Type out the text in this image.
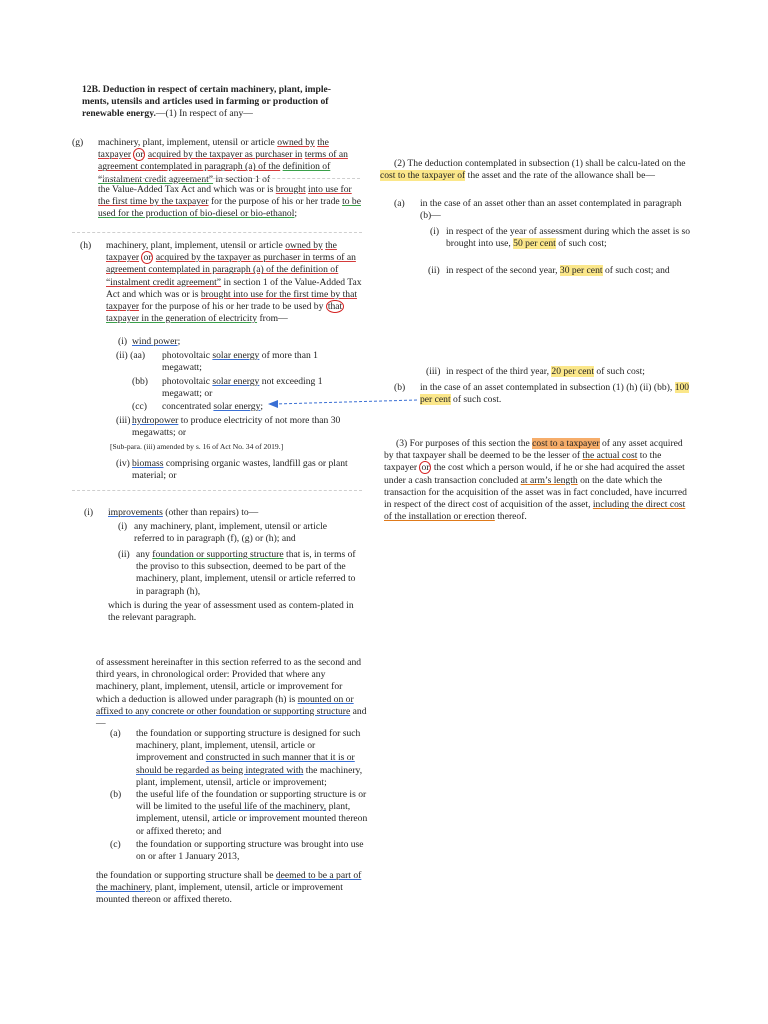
12B. Deduction in respect of certain machinery, plant, imple-ments, utensils and articles used in farming or production of renewable energy.—(1) In respect of any—
(g)	machinery, plant, implement, utensil or article owned by the taxpayer or acquired by the taxpayer as purchaser in terms of an agreement contemplated in paragraph (a) of the definition of “instalment credit agreement” in section 1 of
the Value-Added Tax Act and which was or is brought into use for the first time by the taxpayer for the purpose of his or her trade to be used for the production of bio-diesel or bio-ethanol;
(h)	machinery, plant, implement, utensil or article owned by the taxpayer or acquired by the taxpayer as purchaser in terms of an agreement contemplated in paragraph (a) of the definition of “instalment credit agreement” in section 1 of the Value-Added Tax Act and which was or is brought into use for the first time by that taxpayer for the purpose of his or her trade to be used by that taxpayer in the generation of electricity from—
(i) wind power;
(ii) (aa)	photovoltaic solar energy of more than 1 megawatt;
(bb)	photovoltaic solar energy not exceeding 1 megawatt; or
(cc)	concentrated solar energy;
(iii) hydropower to produce electricity of not more than 30 megawatts; or
[Sub-para. (iii) amended by s. 16 of Act No. 34 of 2019.]
(iv) biomass comprising organic wastes, landfill gas or plant material; or
(i)	improvements (other than repairs) to—
(i) any machinery, plant, implement, utensil or article referred to in paragraph (f), (g) or (h); and
(ii) any foundation or supporting structure that is, in terms of the proviso to this subsection, deemed to be part of the machinery, plant, implement, utensil or article referred to in paragraph (h),
which is during the year of assessment used as contem-plated in the relevant paragraph.
of assessment hereinafter in this section referred to as the second and third years, in chronological order: Provided that where any machinery, plant, implement, utensil, article or improvement for which a deduction is allowed under paragraph (h) is mounted on or affixed to any concrete or other foundation or supporting structure and—
(a)	the foundation or supporting structure is designed for such machinery, plant, implement, utensil, article or improvement and constructed in such manner that it is or should be regarded as being integrated with the machinery, plant, implement, utensil, article or improvement;
(b)	the useful life of the foundation or supporting structure is or will be limited to the useful life of the machinery, plant, implement, utensil, article or improvement mounted thereon or affixed thereto; and
(c)	the foundation or supporting structure was brought into use on or after 1 January 2013,
the foundation or supporting structure shall be deemed to be a part of the machinery, plant, implement, utensil, article or improvement mounted thereon or affixed thereto.
(2) The deduction contemplated in subsection (1) shall be calcu-lated on the cost to the taxpayer of the asset and the rate of the allowance shall be—
(a)	in the case of an asset other than an asset contemplated in paragraph (b)—
(i) in respect of the year of assessment during which the asset is so brought into use, 50 per cent of such cost;
(ii) in respect of the second year, 30 per cent of such cost; and
(iii) in respect of the third year, 20 per cent of such cost;
(b)	in the case of an asset contemplated in subsection (1) (h) (ii) (bb), 100 per cent of such cost.
(3) For purposes of this section the cost to a taxpayer of any asset acquired by that taxpayer shall be deemed to be the lesser of the actual cost to the taxpayer or the cost which a person would, if he or she had acquired the asset under a cash transaction concluded at arm’s length on the date which the transaction for the acquisition of the asset was in fact concluded, have incurred in respect of the direct cost of acquisition of the asset, including the direct cost of the installation or erection thereof.
